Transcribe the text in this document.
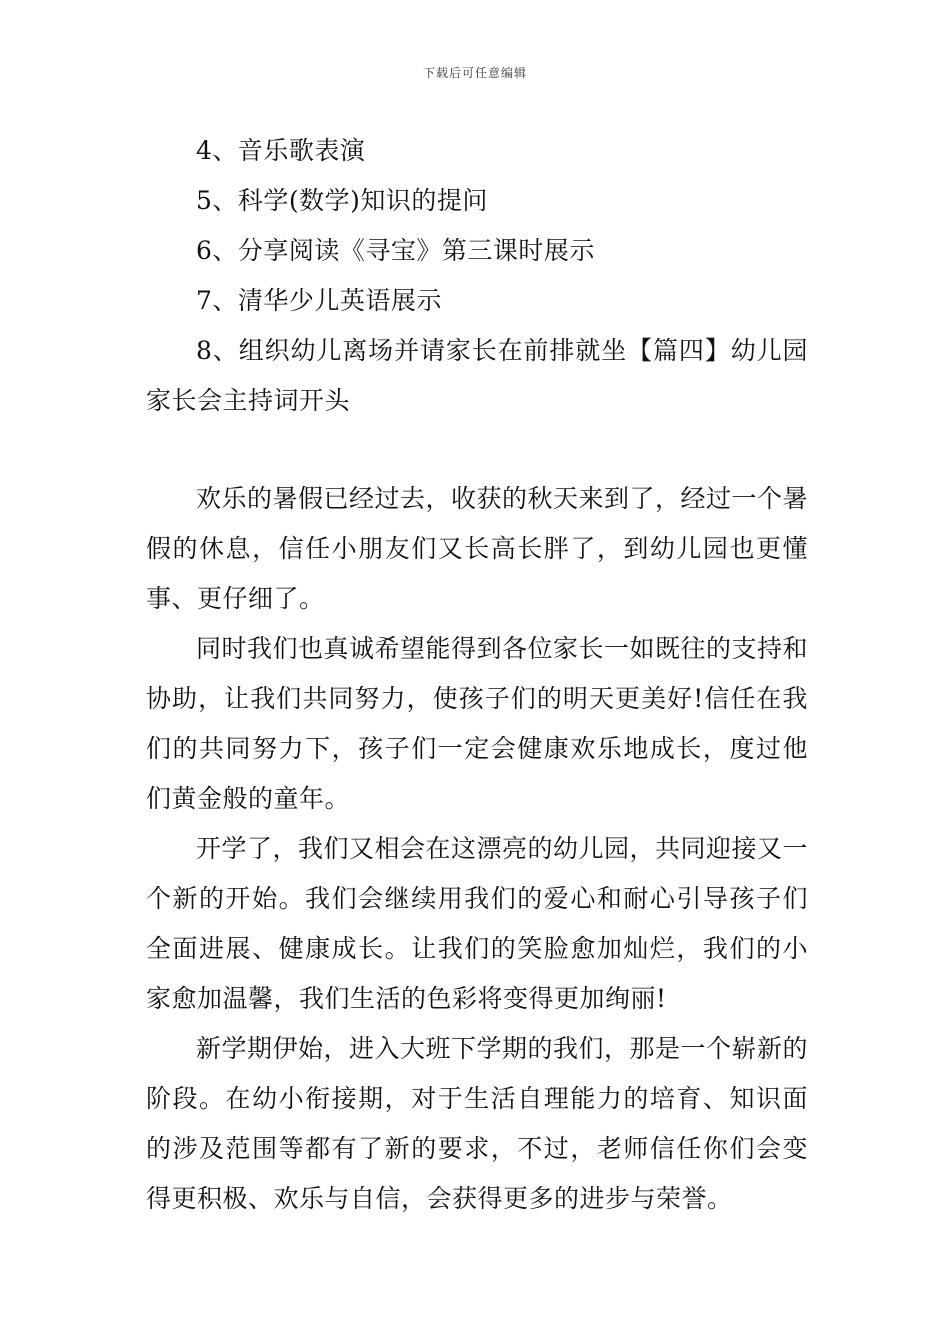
下载后可任意编辑

4、音乐歌表演

5、科学(数学)知识的提问

6、分享阅读《寻宝》第三课时展示

7、清华少儿英语展示

8、组织幼儿离场并请家长在前排就坐【篇四】幼儿园家长会主持词开头

欢乐的暑假已经过去，收获的秋天来到了，经过一个暑假的休息，信任小朋友们又长高长胖了，到幼儿园也更懂事、更仔细了。

同时我们也真诚希望能得到各位家长一如既往的支持和协助，让我们共同努力，使孩子们的明天更美好!信任在我们的共同努力下，孩子们一定会健康欢乐地成长，度过他们黄金般的童年。

开学了，我们又相会在这漂亮的幼儿园，共同迎接又一个新的开始。我们会继续用我们的爱心和耐心引导孩子们全面进展、健康成长。让我们的笑脸愈加灿烂，我们的小家愈加温馨，我们生活的色彩将变得更加绚丽!

新学期伊始，进入大班下学期的我们，那是一个崭新的阶段。在幼小衔接期，对于生活自理能力的培育、知识面的涉及范围等都有了新的要求，不过，老师信任你们会变得更积极、欢乐与自信，会获得更多的进步与荣誉。
